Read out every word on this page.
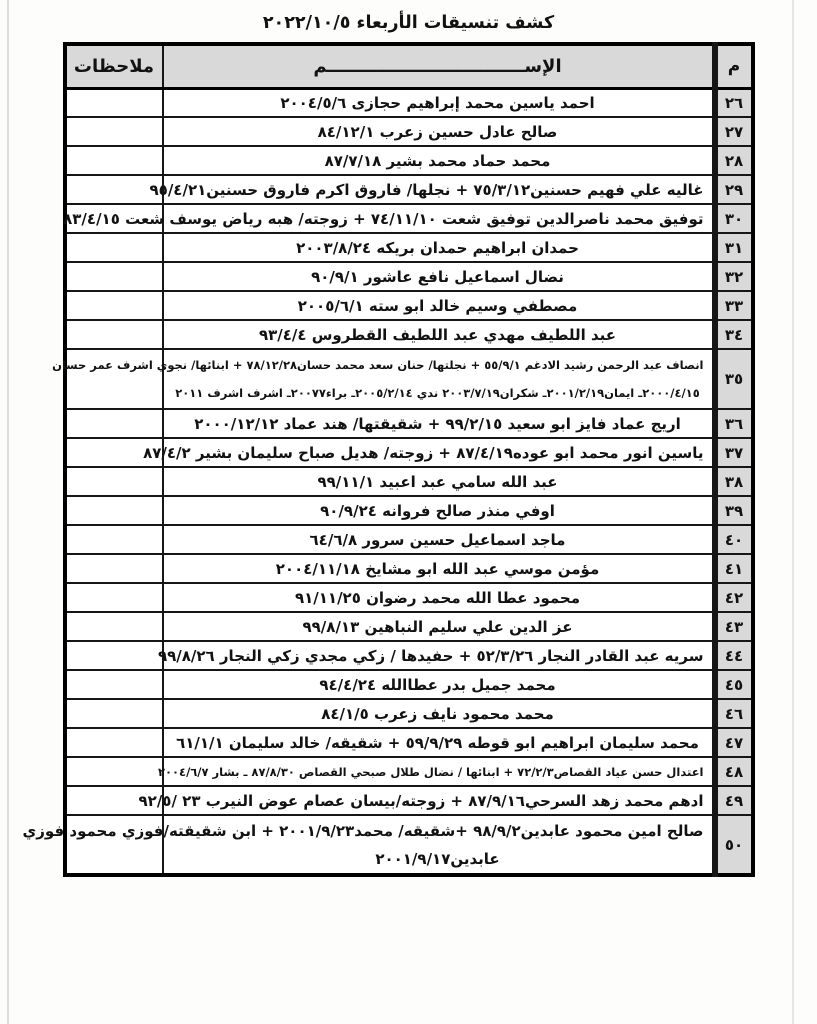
كشف تنسيقات الأربعاء ٢٠٢٢/١٠/٥
م	الإســــــــــــــــــــــــــــــــم	ملاحظات
٢٦	احمد ياسين محمد إبراهيم حجازى ٢٠٠٤/٥/٦	

٢٧	صالح عادل حسين زعرب ٨٤/١٢/١	

٢٨	محمد حماد محمد بشير ٨٧/٧/١٨	

٢٩	غاليه علي فهيم حسنين٧٥/٣/١٢ + نجلها/ فاروق اكرم فاروق حسنين٩٥/٤/٢١	

٣٠	توفيق محمد ناصرالدين توفيق شعت ٧٤/١١/١٠ + زوجته/ هبه رياض يوسف شعت ٨٣/٤/١٥	

٣١	حمدان ابراهيم حمدان بريكه ٢٠٠٣/٨/٢٤	

٣٢	نضال اسماعيل نافع عاشور ٩٠/٩/١	

٣٣	مصطفي وسيم خالد ابو سته ٢٠٠٥/٦/١	

٣٤	عبد اللطيف مهدي عبد اللطيف القطروس ٩٣/٤/٤	

٣٥	انصاف عبد الرحمن رشيد الادغم ٥٥/٩/١ + نجلتها/ حنان سعد محمد حسان٧٨/١٢/٢٨ + ابنائها/ نجوي اشرف عمر حسان
٢٠٠٠/٤/١٥ـ ايمان٢٠٠١/٢/١٩ـ شكران٢٠٠٣/٧/١٩ ندي ٢٠٠٥/٢/١٤ـ براء٢٠٠٧٧ـ اشرف اشرف ٢٠١١	

٣٦	اريج عماد فايز ابو سعيد ٩٩/٢/١٥ + شقيقتها/ هند عماد ٢٠٠٠/١٢/١٢	

٣٧	ياسين انور محمد ابو عوده٨٧/٤/١٩ + زوجته/ هديل صباح سليمان بشير ٨٧/٤/٢	

٣٨	عبد الله سامي عبد اعبيد ٩٩/١١/١	

٣٩	اوفي منذر صالح فروانه ٩٠/٩/٢٤	

٤٠	ماجد اسماعيل حسين سرور ٦٤/٦/٨	

٤١	مؤمن موسي عبد الله ابو مشايخ ٢٠٠٤/١١/١٨	

٤٢	محمود عطا الله محمد رضوان ٩١/١١/٢٥	

٤٣	عز الدين علي سليم النباهين ٩٩/٨/١٣	

٤٤	سريه عبد القادر النجار ٥٢/٣/٢٦ + حفيدها / زكي مجدي زكي النجار ٩٩/٨/٢٦	

٤٥	محمد جميل بدر عطاالله ٩٤/٤/٢٤	

٤٦	محمد محمود نايف زعرب ٨٤/١/٥	

٤٧	محمد سليمان ابراهيم ابو قوطه ٥٩/٩/٢٩ + شقيقه/ خالد سليمان ٦١/١/١	

٤٨	اعتدال حسن عياد القصاص٧٢/٢/٣ + ابنائها / نضال طلال صبحي القصاص ٨٧/٨/٣٠ ـ بشار ٢٠٠٤/٦/٧	

٤٩	ادهم محمد زهد السرحي٨٧/٩/١٦ + زوجته/بيسان عصام عوض النيرب ٢٣ /٩٢/٥	

٥٠	صالح امين محمود عابدين٩٨/٩/٢ +شقيقه/ محمد٢٠٠١/٩/٢٣ + ابن شقيقته/فوزي محمود فوزي
عابدين٢٠٠١/٩/١٧	
